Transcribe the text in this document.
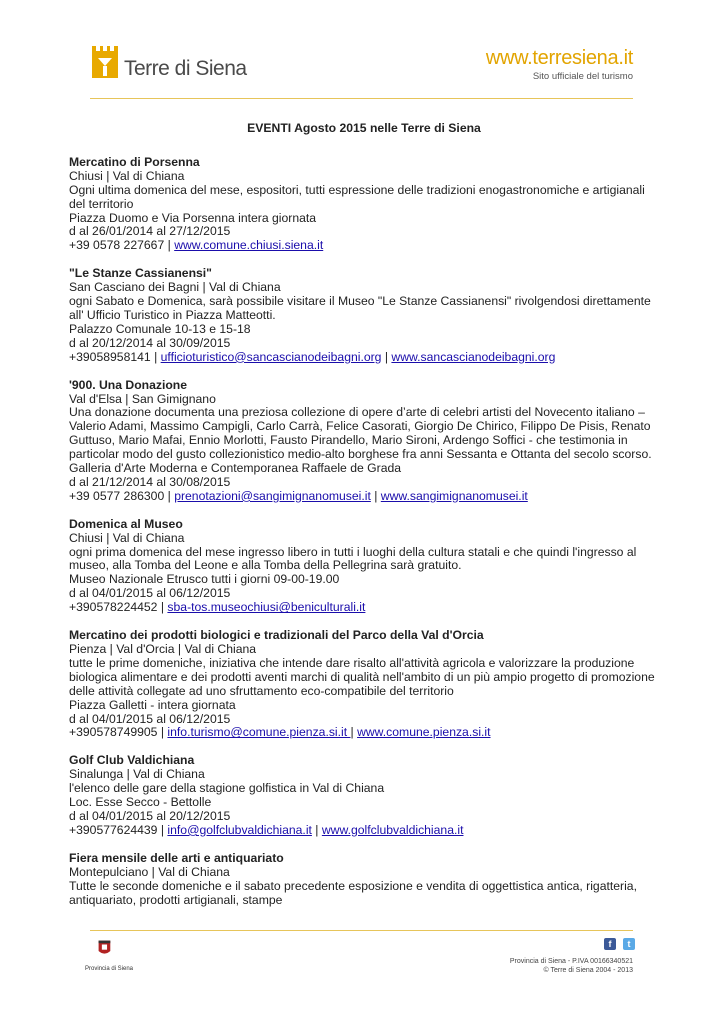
Terre di Siena	www.terresiena.it
Sito ufficiale del turismo
EVENTI Agosto 2015 nelle Terre di Siena
Mercatino di Porsenna
Chiusi | Val di Chiana
Ogni ultima domenica del mese, espositori, tutti espressione delle tradizioni enogastronomiche e artigianali del territorio
Piazza Duomo e Via Porsenna intera giornata
d al 26/01/2014 al 27/12/2015
+39 0578 227667 | www.comune.chiusi.siena.it
"Le Stanze Cassianensi"
San Casciano dei Bagni | Val di Chiana
ogni Sabato e Domenica, sarà possibile visitare il Museo "Le Stanze Cassianensi" rivolgendosi direttamente all' Ufficio Turistico in Piazza Matteotti.
Palazzo Comunale 10-13 e 15-18
d al 20/12/2014 al 30/09/2015
+39058958141 | ufficioturistico@sancascianodeibagni.org | www.sancascianodeibagni.org
'900. Una Donazione
Val d'Elsa | San Gimignano
Una donazione documenta una preziosa collezione di opere d’arte di celebri artisti del Novecento italiano – Valerio Adami, Massimo Campigli, Carlo Carrà, Felice Casorati, Giorgio De Chirico, Filippo De Pisis, Renato Guttuso, Mario Mafai, Ennio Morlotti, Fausto Pirandello, Mario Sironi, Ardengo Soffici - che testimonia in particolar modo del gusto collezionistico medio-alto borghese fra anni Sessanta e Ottanta del secolo scorso.
Galleria d'Arte Moderna e Contemporanea Raffaele de Grada
d al 21/12/2014 al 30/08/2015
+39 0577 286300 | prenotazioni@sangimignanomusei.it | www.sangimignanomusei.it
Domenica al Museo
Chiusi | Val di Chiana
ogni prima domenica del mese ingresso libero in tutti i luoghi della cultura statali e che quindi l'ingresso al museo, alla Tomba del Leone e alla Tomba della Pellegrina sarà gratuito.
Museo Nazionale Etrusco tutti i giorni 09-00-19.00
d al 04/01/2015 al 06/12/2015
+390578224452 | sba-tos.museochiusi@beniculturali.it
Mercatino dei prodotti biologici e tradizionali del Parco della Val d'Orcia
Pienza | Val d'Orcia | Val di Chiana
tutte le prime domeniche, iniziativa che intende dare risalto all'attività agricola e valorizzare la produzione biologica alimentare e dei prodotti aventi marchi di qualità nell'ambito di un più ampio progetto di promozione delle attività collegate ad uno sfruttamento eco-compatibile del territorio
Piazza Galletti - intera giornata
d al 04/01/2015 al 06/12/2015
+390578749905 | info.turismo@comune.pienza.si.it | www.comune.pienza.si.it
Golf Club Valdichiana
Sinalunga | Val di Chiana
l'elenco delle gare della stagione golfistica in Val di Chiana
Loc. Esse Secco - Bettolle
d al 04/01/2015 al 20/12/2015
+390577624439 | info@golfclubvaldichiana.it | www.golfclubvaldichiana.it
Fiera mensile delle arti e antiquariato
Montepulciano | Val di Chiana
Tutte le seconde domeniche e il sabato precedente esposizione e vendita di oggettistica antica, rigatteria, antiquariato, prodotti artigianali, stampe
Provincia di Siena
f	t
Provincia di Siena - P.IVA 00166340521
© Terre di Siena 2004 - 2013
